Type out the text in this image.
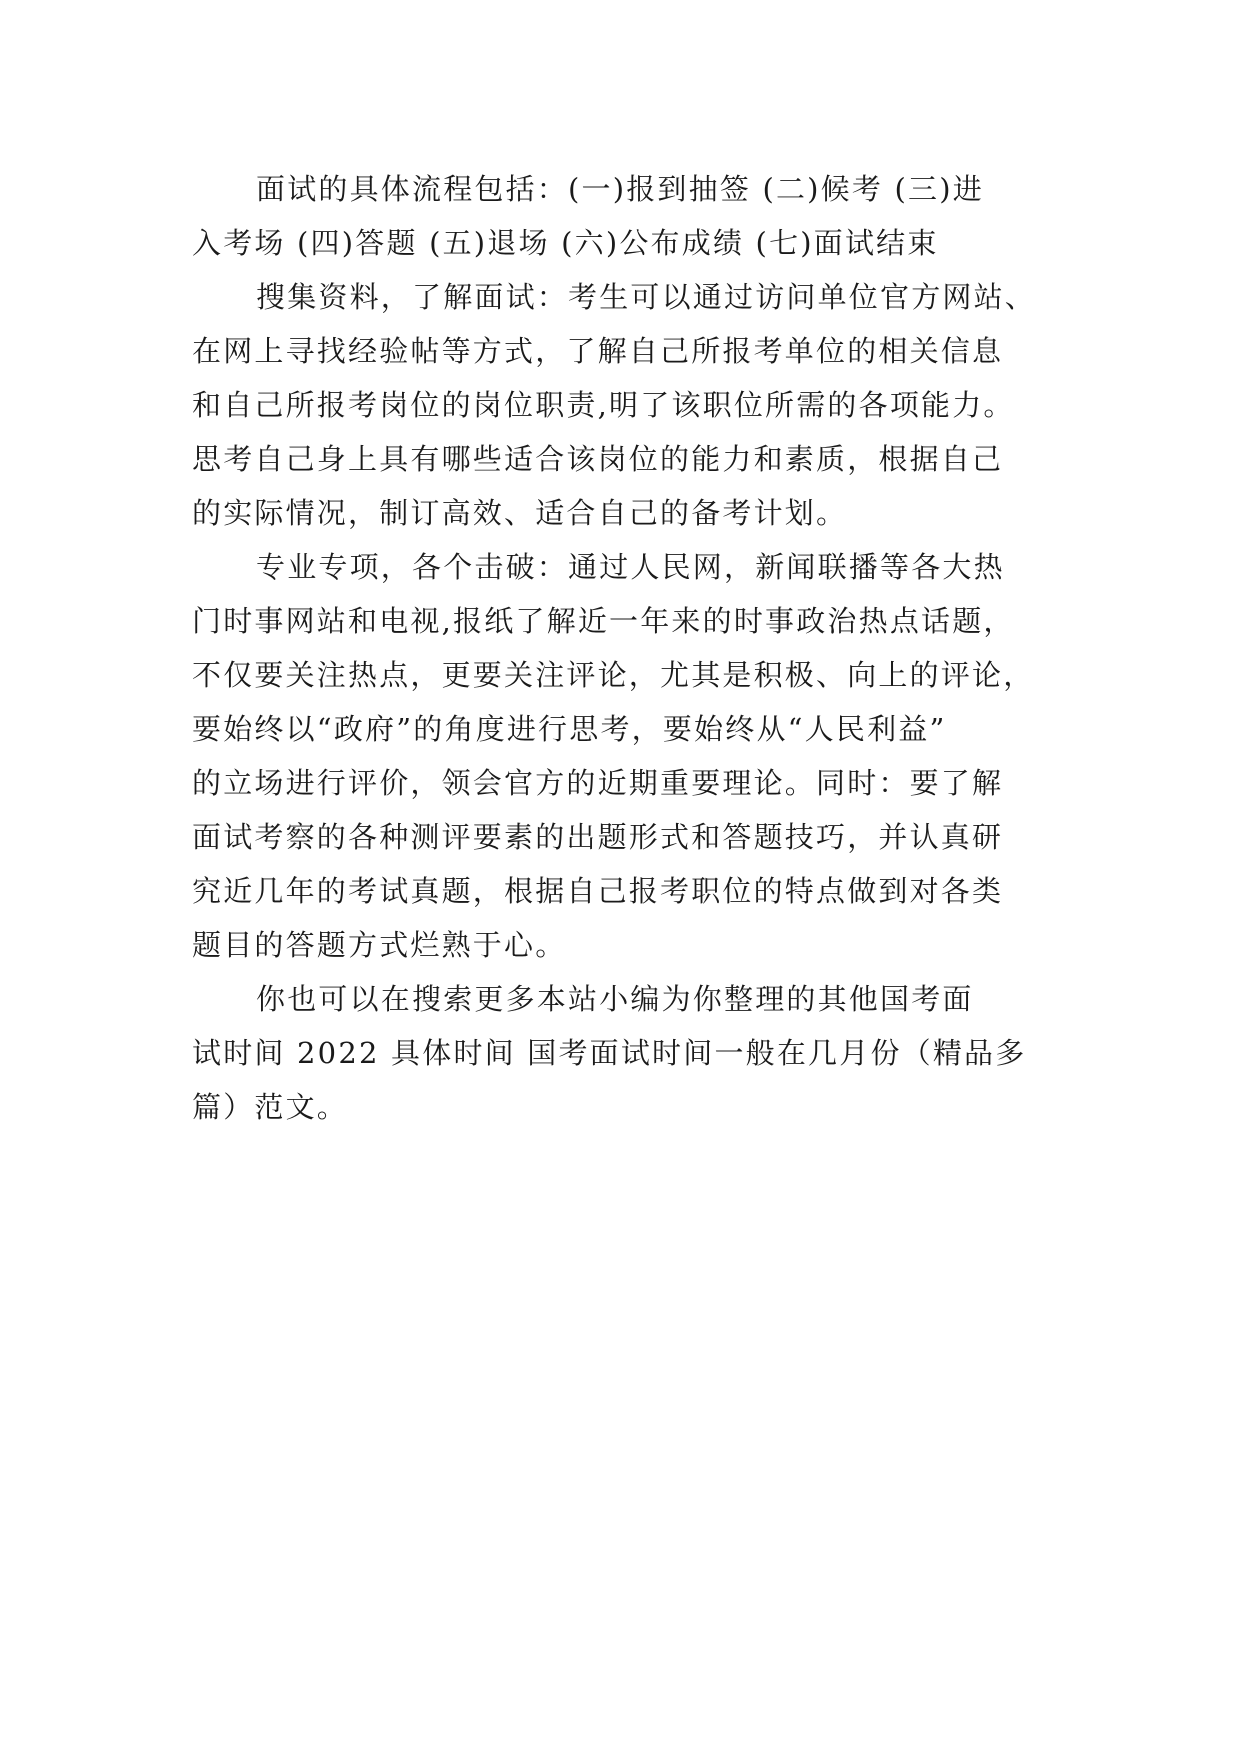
面试的具体流程包括：(一)报到抽签 (二)候考 (三)进
入考场 (四)答题 (五)退场 (六)公布成绩 (七)面试结束
搜集资料，了解面试：考生可以通过访问单位官方网站、
在网上寻找经验帖等方式，了解自己所报考单位的相关信息
和自己所报考岗位的岗位职责,明了该职位所需的各项能力。
思考自己身上具有哪些适合该岗位的能力和素质，根据自己
的实际情况，制订高效、适合自己的备考计划。
专业专项，各个击破：通过人民网，新闻联播等各大热
门时事网站和电视,报纸了解近一年来的时事政治热点话题，
不仅要关注热点，更要关注评论，尤其是积极、向上的评论，
要始终以“政府”的角度进行思考，要始终从“人民利益”
的立场进行评价，领会官方的近期重要理论。同时：要了解
面试考察的各种测评要素的出题形式和答题技巧，并认真研
究近几年的考试真题，根据自己报考职位的特点做到对各类
题目的答题方式烂熟于心。
你也可以在搜索更多本站小编为你整理的其他国考面
试时间 2022 具体时间 国考面试时间一般在几月份（精品多
篇）范文。
